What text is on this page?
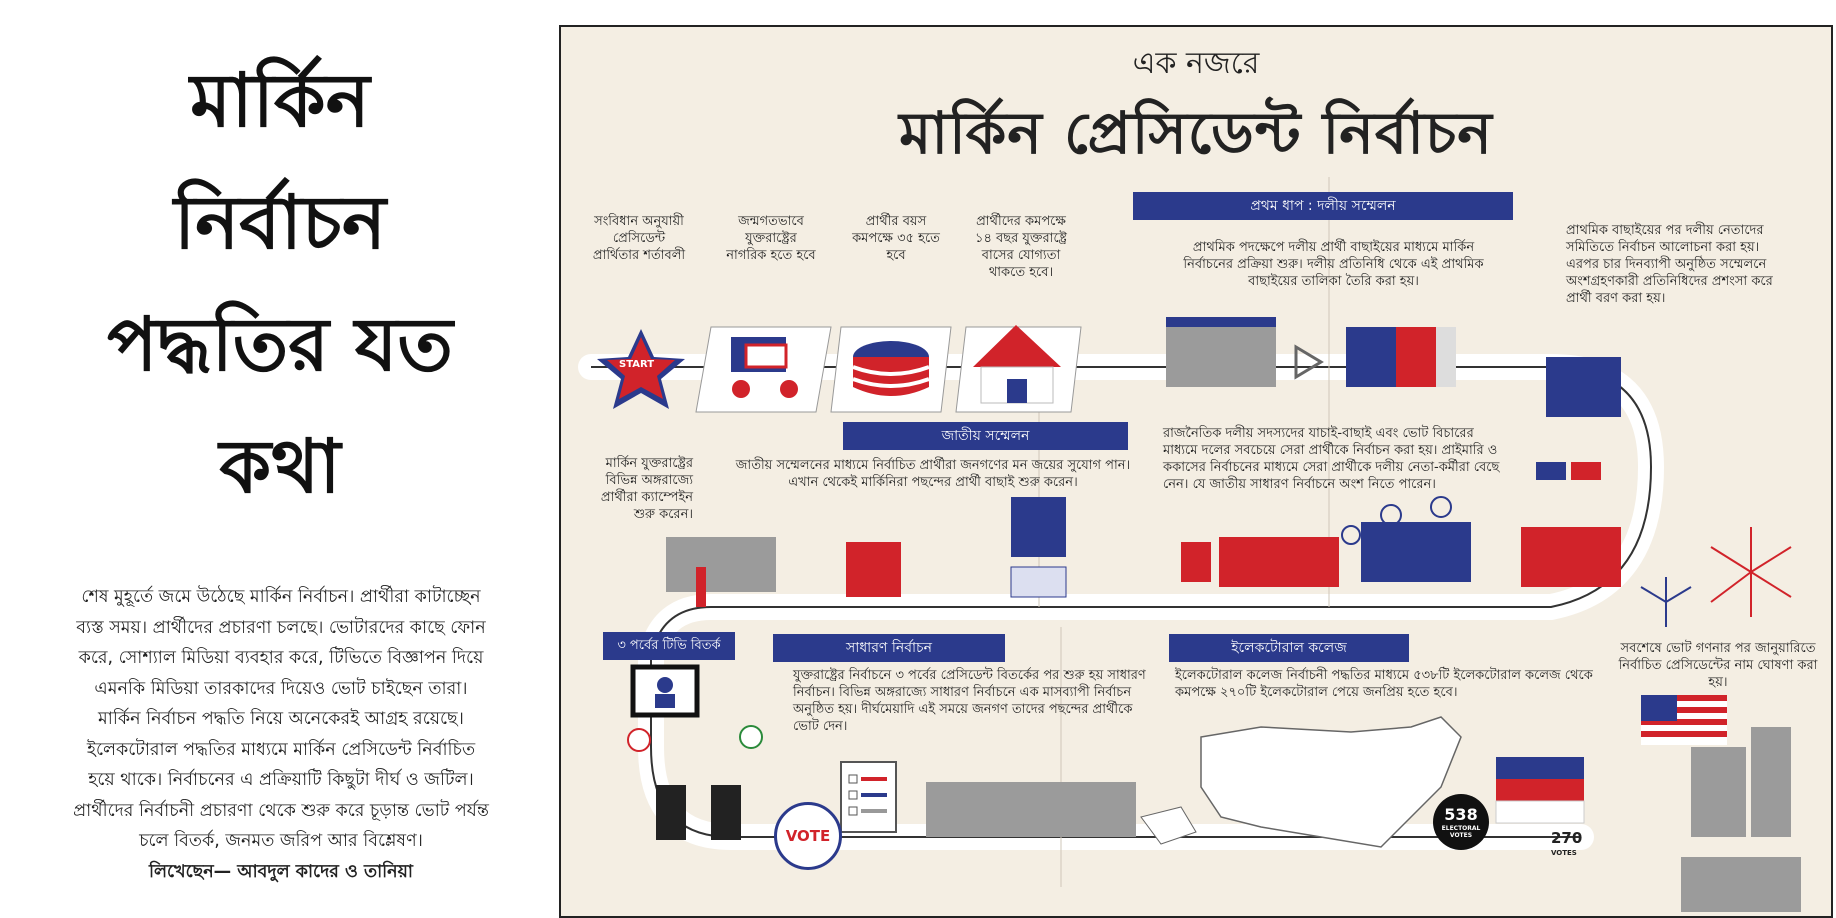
মার্কিন
নির্বাচন
পদ্ধতির যত
কথা
শেষ মুহূর্তে জমে উঠেছে মার্কিন নির্বাচন। প্রার্থীরা কাটাচ্ছেন
ব্যস্ত সময়। প্রার্থীদের প্রচারণা চলছে। ভোটারদের কাছে ফোন
করে, সোশ্যাল মিডিয়া ব্যবহার করে, টিভিতে বিজ্ঞাপন দিয়ে
এমনকি মিডিয়া তারকাদের দিয়েও ভোট চাইছেন তারা।
মার্কিন নির্বাচন পদ্ধতি নিয়ে অনেকেরই আগ্রহ রয়েছে।
ইলেকটোরাল পদ্ধতির মাধ্যমে মার্কিন প্রেসিডেন্ট নির্বাচিত
হয়ে থাকে। নির্বাচনের এ প্রক্রিয়াটি কিছুটা দীর্ঘ ও জটিল।
প্রার্থীদের নির্বাচনী প্রচারণা থেকে শুরু করে চূড়ান্ত ভোট পর্যন্ত
চলে বিতর্ক, জনমত জরিপ আর বিশ্লেষণ।
লিখেছেন— আবদুল কাদের ও তানিয়া
এক নজরে
মার্কিন প্রেসিডেন্ট নির্বাচন
START
সংবিধান অনুযায়ী প্রেসিডেন্ট প্রার্থিতার শর্তাবলী
জন্মগতভাবে যুক্তরাষ্ট্রের নাগরিক হতে হবে
প্রার্থীর বয়স কমপক্ষে ৩৫ হতে হবে
প্রার্থীদের কমপক্ষে ১৪ বছর যুক্তরাষ্ট্রে বাসের যোগ্যতা থাকতে হবে।
প্রথম ধাপ : দলীয় সম্মেলন
প্রাথমিক পদক্ষেপে দলীয় প্রার্থী বাছাইয়ের মাধ্যমে মার্কিন নির্বাচনের প্রক্রিয়া শুরু। দলীয় প্রতিনিধি থেকে এই প্রাথমিক বাছাইয়ের তালিকা তৈরি করা হয়।
প্রাথমিক বাছাইয়ের পর দলীয় নেতাদের সমিতিতে নির্বাচন আলোচনা করা হয়। এরপর চার দিনব্যাপী অনুষ্ঠিত সম্মেলনে অংশগ্রহণকারী প্রতিনিধিদের প্রশংসা করে প্রার্থী বরণ করা হয়।
রাজনৈতিক দলীয় সদস্যদের যাচাই-বাছাই এবং ভোট বিচারের মাধ্যমে দলের সবচেয়ে সেরা প্রার্থীকে নির্বাচন করা হয়। প্রাইমারি ও ককাসের নির্বাচনের মাধ্যমে সেরা প্রার্থীকে দলীয় নেতা-কর্মীরা বেছে নেন। যে জাতীয় সাধারণ নির্বাচনে অংশ নিতে পারেন।
জাতীয় সম্মেলন
জাতীয় সম্মেলনের মাধ্যমে নির্বাচিত প্রার্থীরা জনগণের মন জয়ের সুযোগ পান। এখান থেকেই মার্কিনিরা পছন্দের প্রার্থী বাছাই শুরু করেন।
মার্কিন যুক্তরাষ্ট্রের বিভিন্ন অঙ্গরাজ্যে প্রার্থীরা ক্যাম্পেইন শুরু করেন।
৩ পর্বের টিভি বিতর্ক	সাধারণ নির্বাচন
যুক্তরাষ্ট্রের নির্বাচনে ৩ পর্বের প্রেসিডেন্ট বিতর্কের পর শুরু হয় সাধারণ নির্বাচন। বিভিন্ন অঙ্গরাজ্যে সাধারণ নির্বাচনে এক মাসব্যাপী নির্বাচন অনুষ্ঠিত হয়। দীর্ঘমেয়াদি এই সময়ে জনগণ তাদের পছন্দের প্রার্থীকে ভোট দেন।
ইলেকটোরাল কলেজ
ইলেকটোরাল কলেজ নির্বাচনী পদ্ধতির মাধ্যমে ৫৩৮টি ইলেকটোরাল কলেজ থেকে কমপক্ষে ২৭০টি ইলেকটোরাল পেয়ে জনপ্রিয় হতে হবে।
সবশেষে ভোট গণনার পর জানুয়ারিতে নির্বাচিত প্রেসিডেন্টের নাম ঘোষণা করা হয়।
VOTE
538
ELECTORAL VOTES	270
VOTES
